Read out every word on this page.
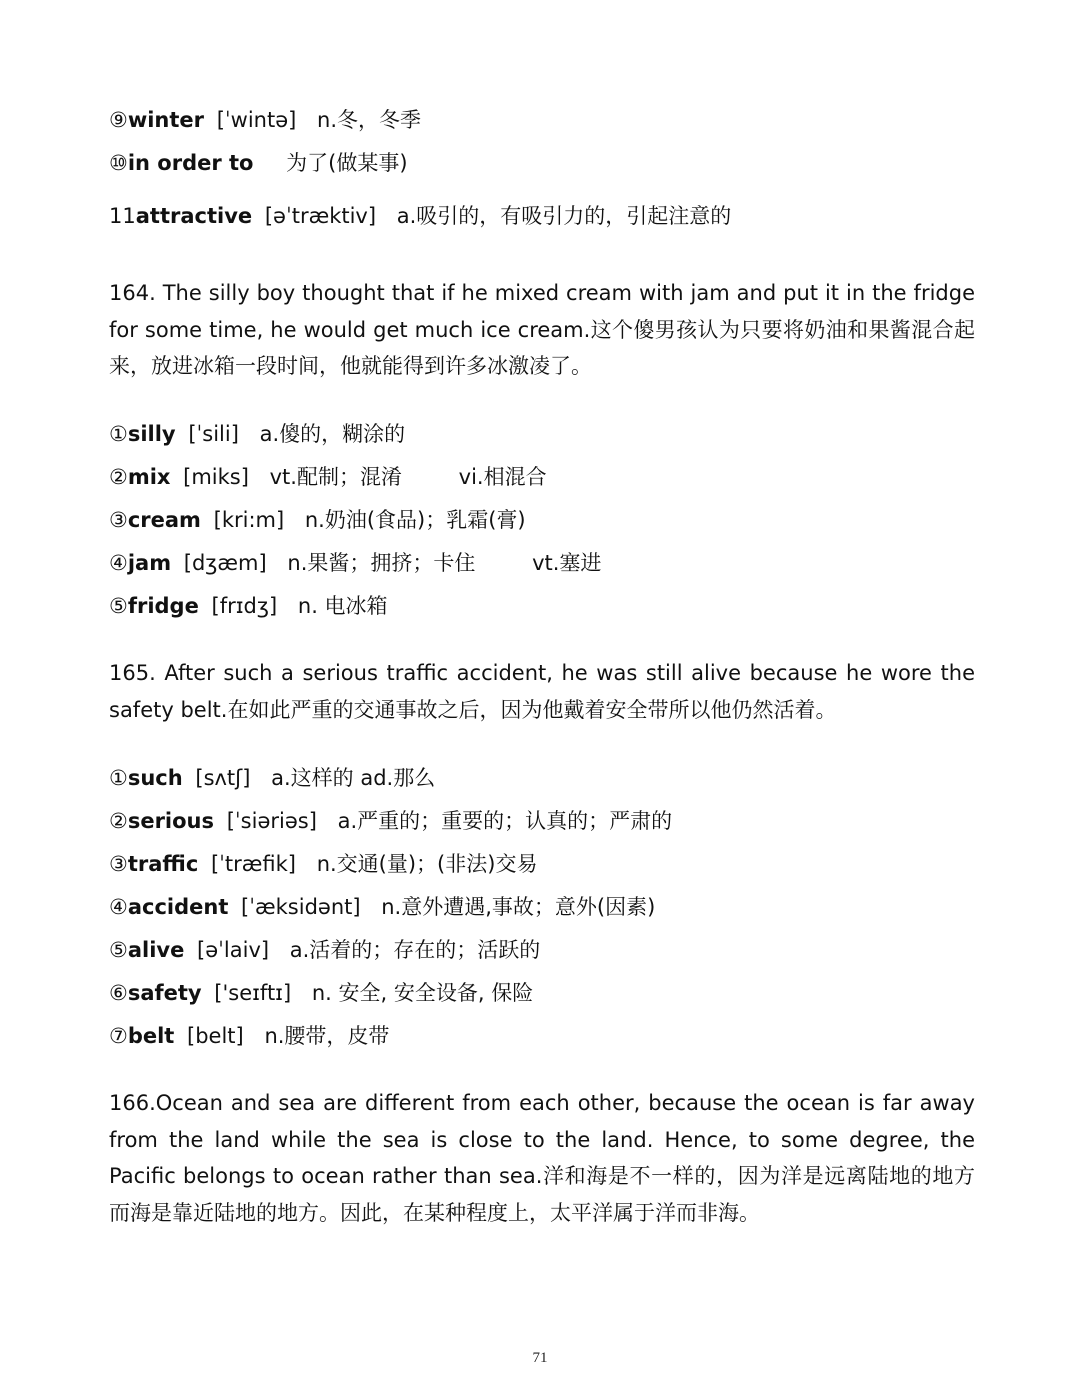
⑨winter [ˈwintə] n.冬，冬季
⑩in order to 为了(做某事)
11attractive [əˈtræktiv] a.吸引的，有吸引力的，引起注意的
164. The silly boy thought that if he mixed cream with jam and put it in the fridge for some time, he would get much ice cream.这个傻男孩认为只要将奶油和果酱混合起来，放进冰箱一段时间，他就能得到许多冰激凌了。
①silly [ˈsili] a.傻的，糊涂的
②mix [miks] vt.配制；混淆	vi.相混合
③cream [kri:m] n.奶油(食品)；乳霜(膏)
④jam [dʒæm] n.果酱；拥挤；卡住	vt.塞进
⑤fridge [frɪdʒ] n. 电冰箱
165. After such a serious traffic accident, he was still alive because he wore the safety belt.在如此严重的交通事故之后，因为他戴着安全带所以他仍然活着。
①such [sʌtʃ] a.这样的 ad.那么
②serious [ˈsiəriəs] a.严重的；重要的；认真的；严肃的
③traffic [ˈtræfik] n.交通(量)；(非法)交易
④accident [ˈæksidənt] n.意外遭遇,事故；意外(因素)
⑤alive [əˈlaiv] a.活着的；存在的；活跃的
⑥safety ['seɪftɪ] n. 安全, 安全设备, 保险
⑦belt [belt] n.腰带，皮带
166.Ocean and sea are different from each other, because the ocean is far away from the land while the sea is close to the land. Hence, to some degree, the Pacific belongs to ocean rather than sea.洋和海是不一样的，因为洋是远离陆地的地方而海是靠近陆地的地方。因此，在某种程度上，太平洋属于洋而非海。
71
